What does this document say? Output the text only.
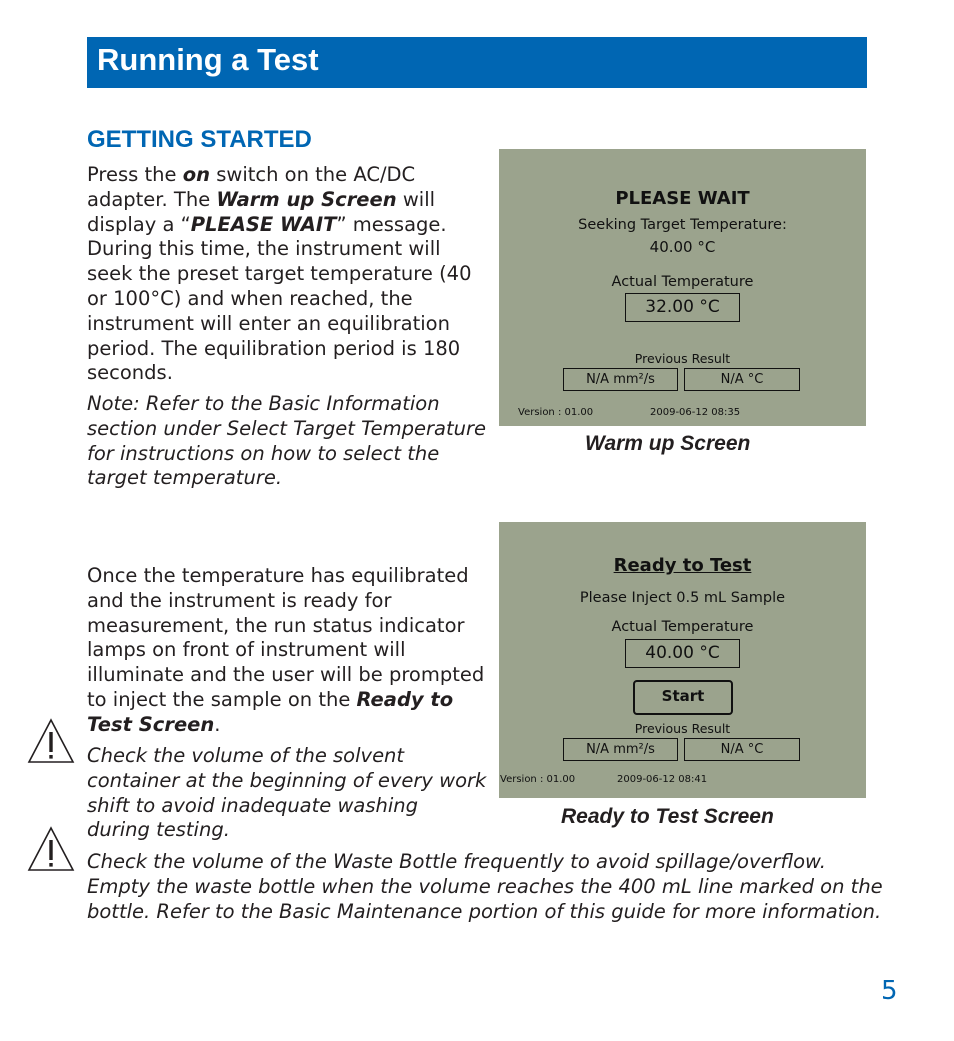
Running a Test
GETTING STARTED
Press the on switch on the AC/DC adapter. The Warm up Screen will display a “PLEASE WAIT” message. During this time, the instrument will seek the preset target temperature (40 or 100°C) and when reached, the instrument will enter an equilibration period. The equilibration period is 180 seconds.
Note: Refer to the Basic Information section under Select Target Temperature for instructions on how to select the target temperature.
Once the temperature has equilibrated and the instrument is ready for measurement, the run status indicator lamps on front of instrument will illuminate and the user will be prompted to inject the sample on the Ready to Test Screen.
Check the volume of the solvent container at the beginning of every work shift to avoid inadequate washing during testing.
Check the volume of the Waste Bottle frequently to avoid spillage/overflow. Empty the waste bottle when the volume reaches the 400 mL line marked on the bottle. Refer to the Basic Maintenance portion of this guide for more information.
PLEASE WAIT
Seeking Target Temperature:
40.00 °C
Actual Temperature
32.00 °C
Previous Result
N/A mm²/s	N/A °C
Version : 01.00	2009-06-12 08:35
Warm up Screen
Ready to Test
Please Inject 0.5 mL Sample
Actual Temperature
40.00 °C
Start
Previous Result
N/A mm²/s	N/A °C
Version : 01.00	2009-06-12 08:41
Ready to Test Screen
5
